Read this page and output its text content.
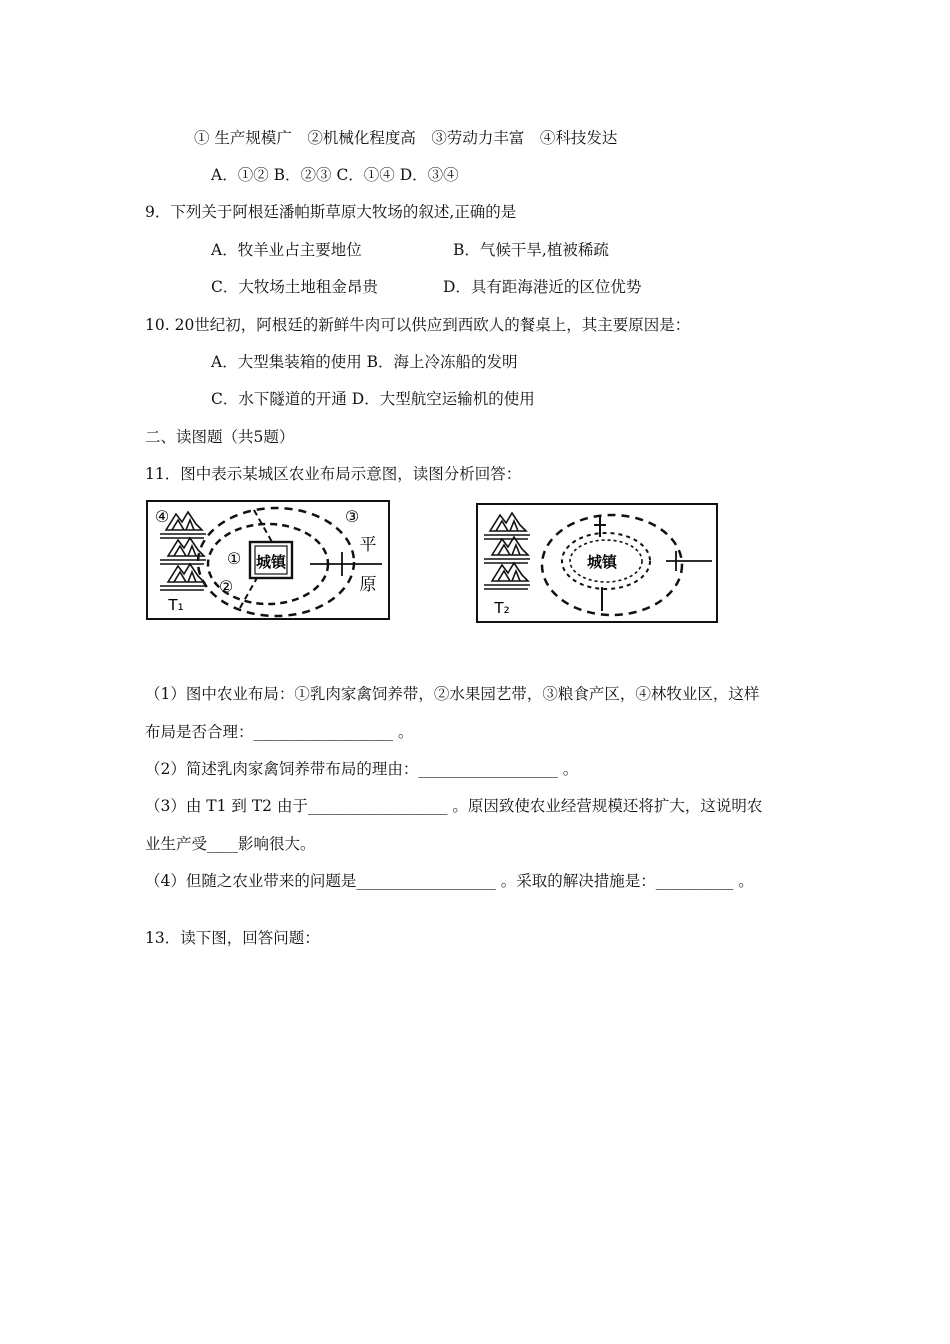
① 生产规模广　②机械化程度高　③劳动力丰富　④科技发达
A．①② B．②③ C．①④ D．③④
9．下列关于阿根廷潘帕斯草原大牧场的叙述,正确的是
A．牧羊业占主要地位	B．气候干旱,植被稀疏
C．大牧场土地租金昂贵	D．具有距海港近的区位优势
10. 20世纪初，阿根廷的新鲜牛肉可以供应到西欧人的餐桌上，其主要原因是：
A．大型集装箱的使用 B．海上冷冻船的发明
C．水下隧道的开通 D．大型航空运输机的使用
二、读图题（共5题）
11．图中表示某城区农业布局示意图，读图分析回答：
城镇
①
②
③
④
平
原
T₁
城镇
T₂
（1）图中农业布局：①乳肉家禽饲养带，②水果园艺带，③粮食产区，④林牧业区，这样
布局是否合理：__________________ 。
（2）简述乳肉家禽饲养带布局的理由：__________________ 。
（3）由 T1 到 T2 由于__________________ 。原因致使农业经营规模还将扩大，这说明农
业生产受____影响很大。
（4）但随之农业带来的问题是__________________ 。采取的解决措施是：__________ 。
13．读下图，回答问题：
